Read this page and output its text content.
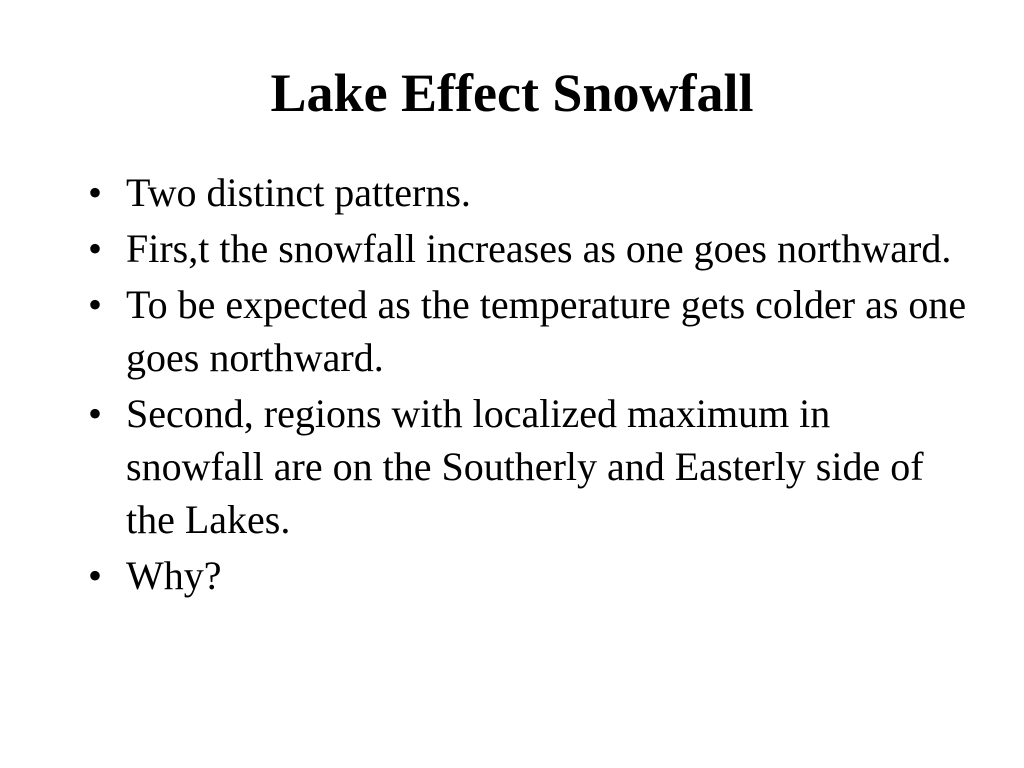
Lake Effect Snowfall
• Two distinct patterns.
• Firs,t the snowfall increases as one goes northward.
• To be expected as the temperature gets colder as one goes northward.
• Second, regions with localized maximum in snowfall are on the Southerly and Easterly side of the Lakes.
• Why?
